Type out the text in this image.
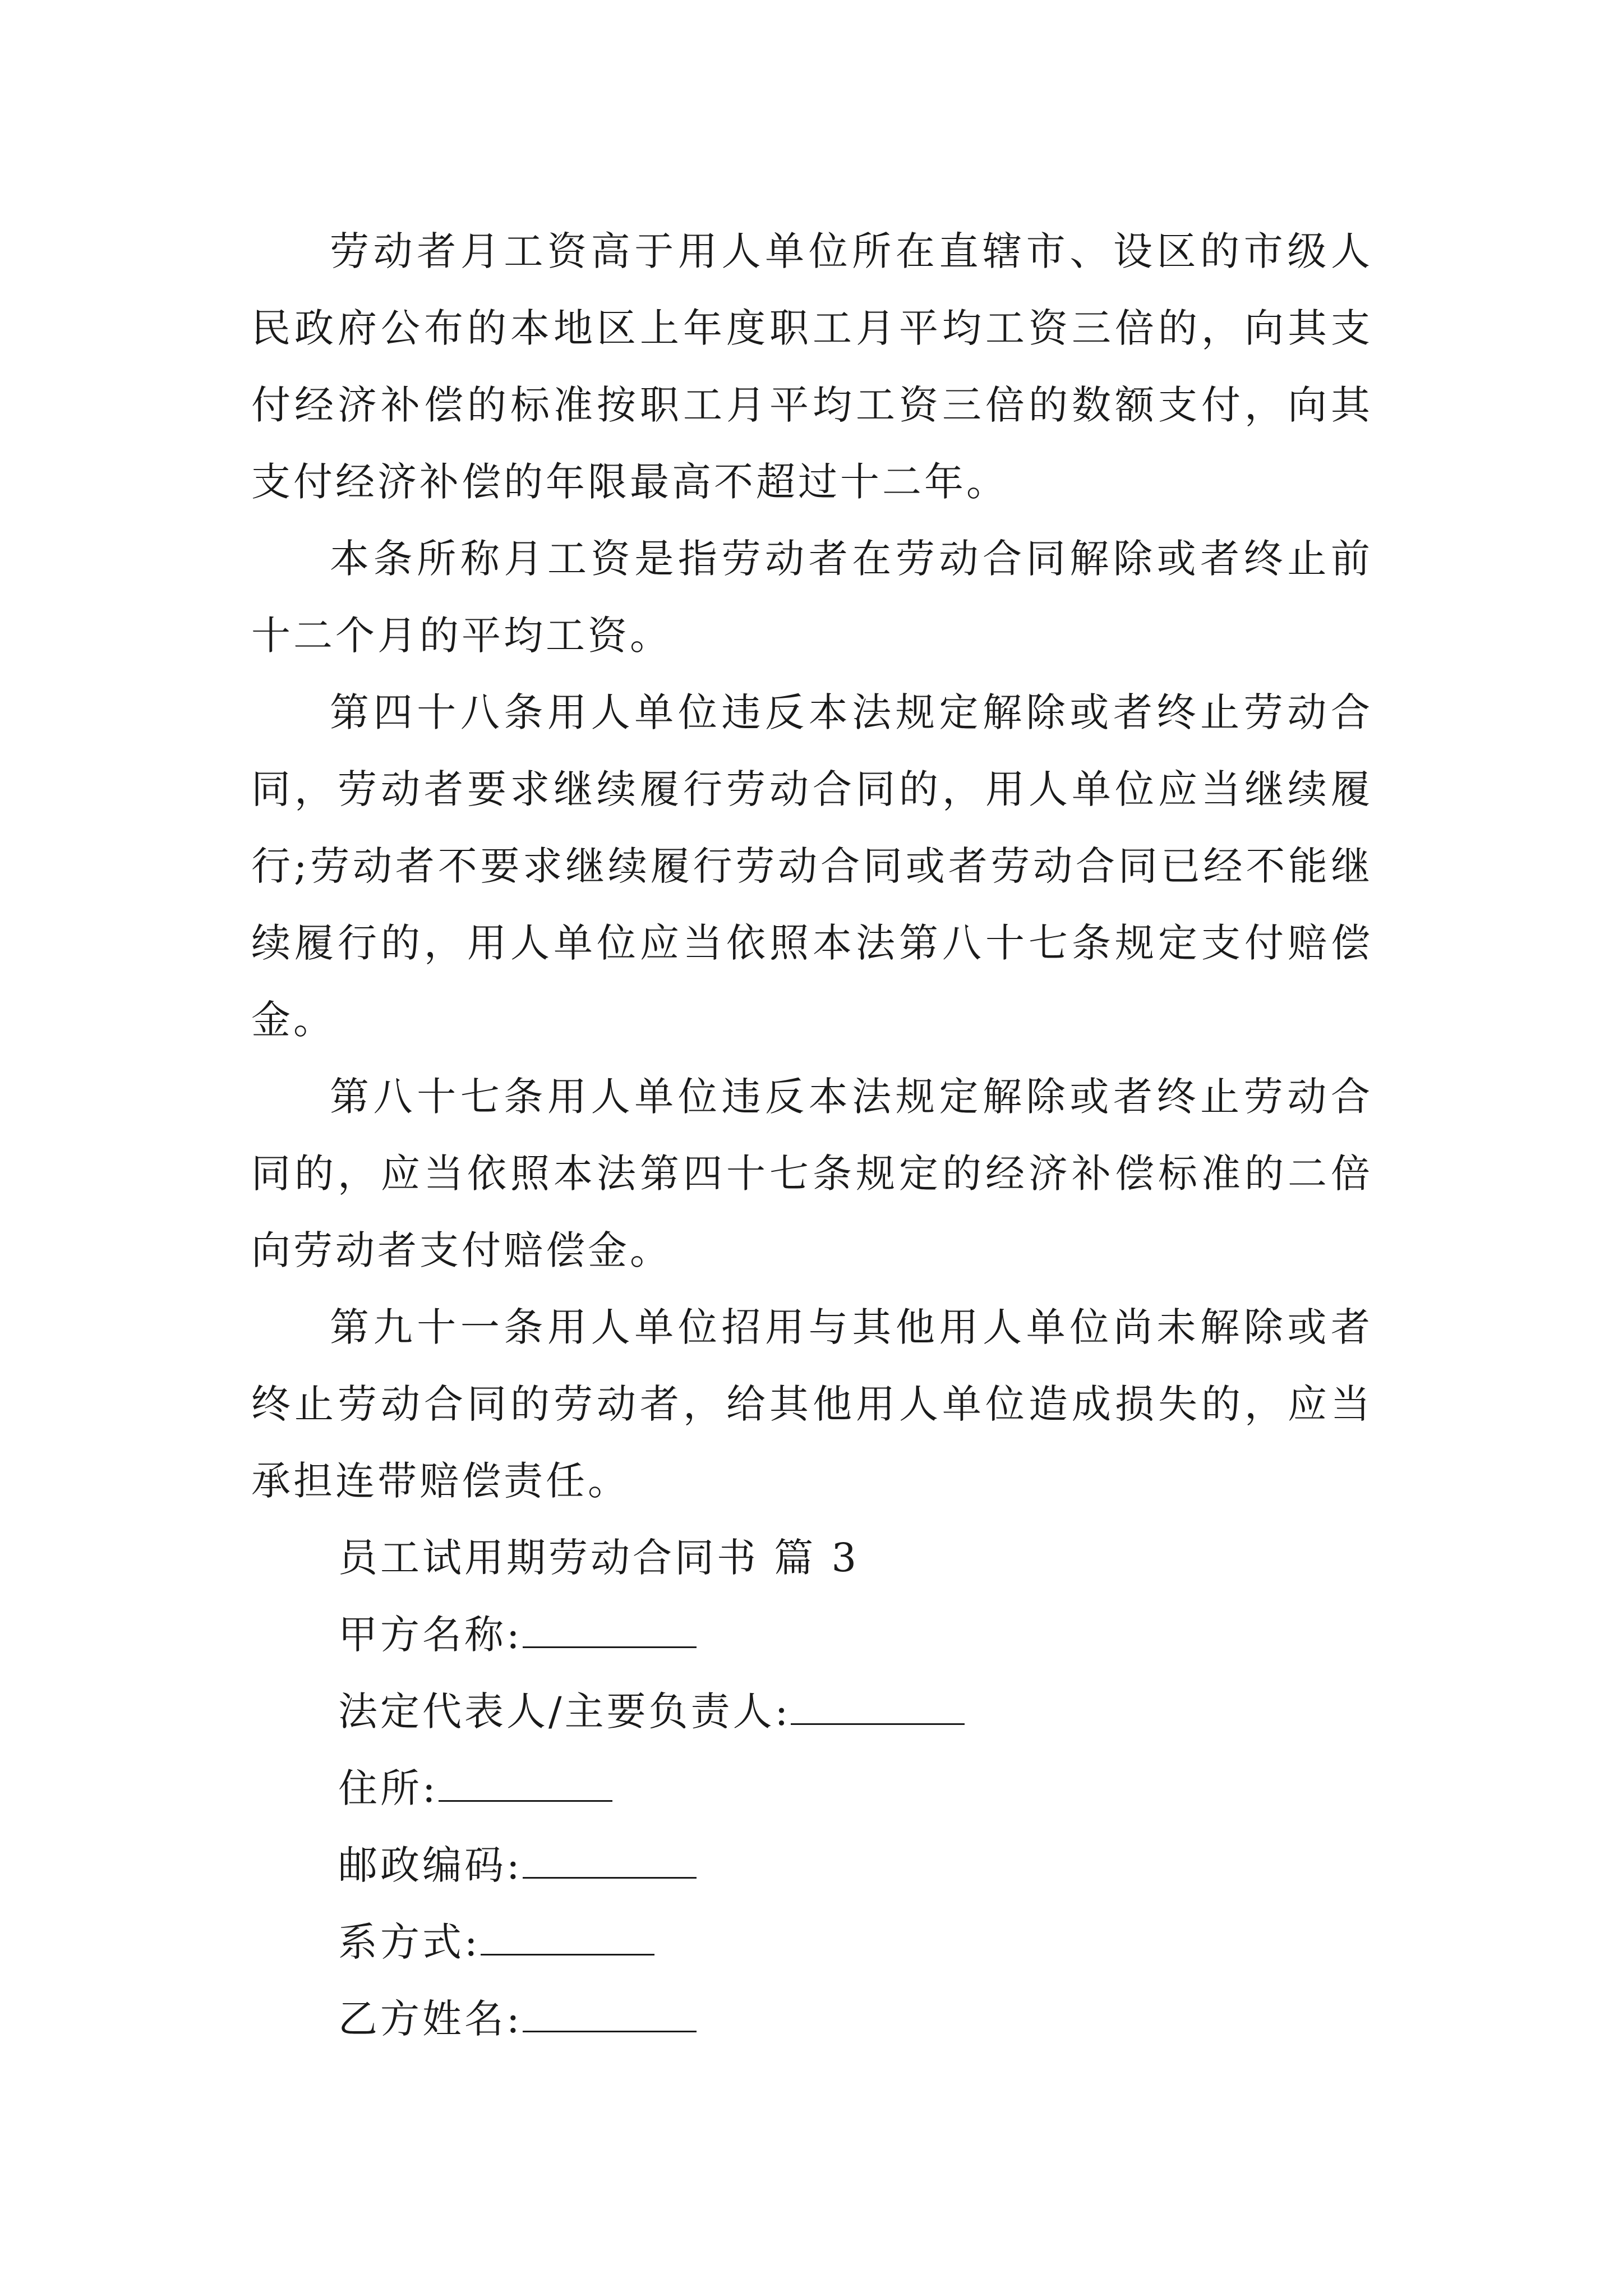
劳动者月工资高于用人单位所在直辖市、设区的市级人民政府公布的本地区上年度职工月平均工资三倍的，向其支付经济补偿的标准按职工月平均工资三倍的数额支付，向其支付经济补偿的年限最高不超过十二年。

本条所称月工资是指劳动者在劳动合同解除或者终止前十二个月的平均工资。

第四十八条用人单位违反本法规定解除或者终止劳动合同，劳动者要求继续履行劳动合同的，用人单位应当继续履行;劳动者不要求继续履行劳动合同或者劳动合同已经不能继续履行的，用人单位应当依照本法第八十七条规定支付赔偿金。

第八十七条用人单位违反本法规定解除或者终止劳动合同的，应当依照本法第四十七条规定的经济补偿标准的二倍向劳动者支付赔偿金。

第九十一条用人单位招用与其他用人单位尚未解除或者终止劳动合同的劳动者，给其他用人单位造成损失的，应当承担连带赔偿责任。

员工试用期劳动合同书 篇 3
甲方名称:
法定代表人/主要负责人:
住所:
邮政编码:
系方式:
乙方姓名:
